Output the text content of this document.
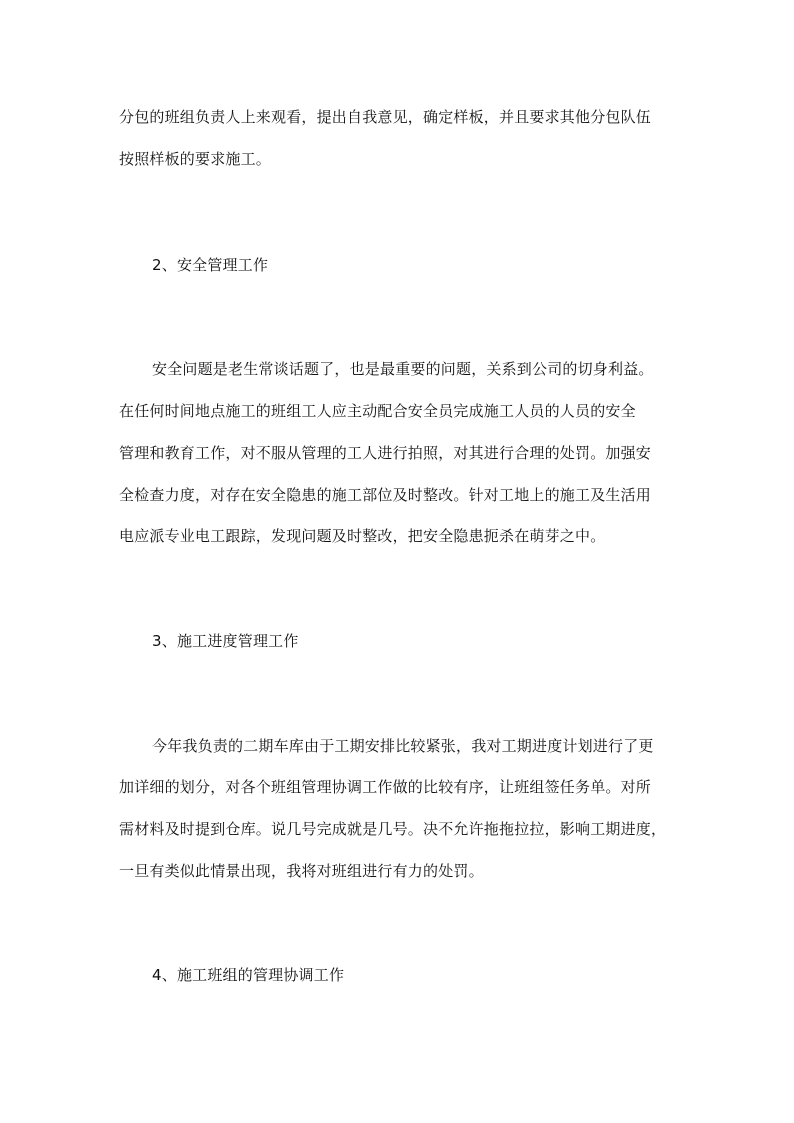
分包的班组负责人上来观看，提出自我意见，确定样板，并且要求其他分包队伍
按照样板的要求施工。
2、安全管理工作
安全问题是老生常谈话题了，也是最重要的问题，关系到公司的切身利益。
在任何时间地点施工的班组工人应主动配合安全员完成施工人员的人员的安全
管理和教育工作，对不服从管理的工人进行拍照，对其进行合理的处罚。加强安
全检查力度，对存在安全隐患的施工部位及时整改。针对工地上的施工及生活用
电应派专业电工跟踪，发现问题及时整改，把安全隐患扼杀在萌芽之中。
3、施工进度管理工作
今年我负责的二期车库由于工期安排比较紧张，我对工期进度计划进行了更
加详细的划分，对各个班组管理协调工作做的比较有序，让班组签任务单。对所
需材料及时提到仓库。说几号完成就是几号。决不允许拖拖拉拉，影响工期进度，
一旦有类似此情景出现，我将对班组进行有力的处罚。
4、施工班组的管理协调工作
